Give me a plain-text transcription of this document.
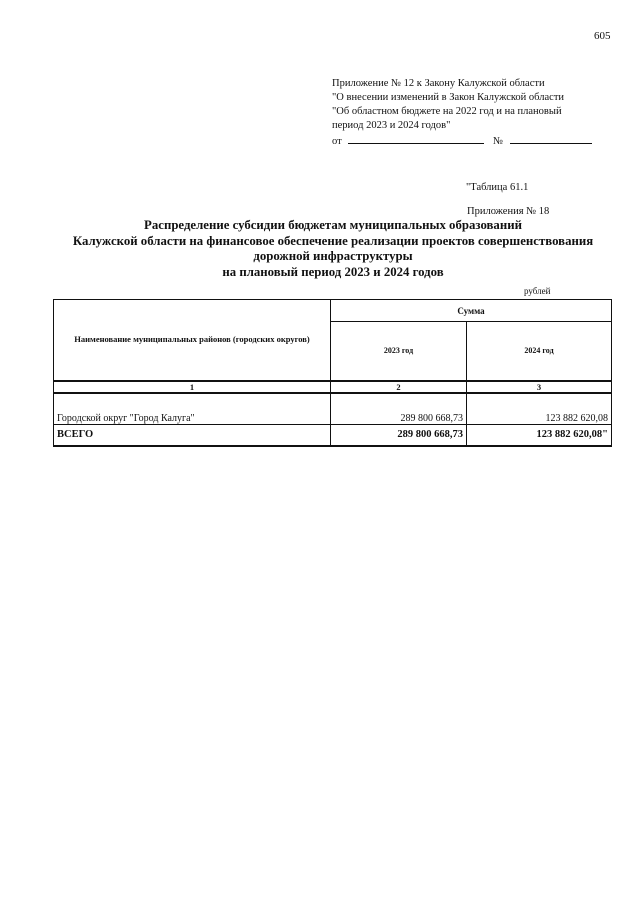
605
Приложение № 12 к Закону Калужской области
"О внесении изменений в Закон Калужской области
"Об областном бюджете на 2022 год и на плановый
период 2023 и 2024 годов"
от	№
"Таблица 61.1
Приложения № 18
Распределение субсидии бюджетам муниципальных образований
Калужской области на финансовое обеспечение реализации проектов совершенствования
дорожной инфраструктуры
на плановый период 2023 и 2024 годов
рублей
Наименование муниципальных районов (городских округов)	Сумма	
	2023 год	2024 год
1	2	3
Городской округ "Город Калуга"	289 800 668,73	123 882 620,08
ВСЕГО	289 800 668,73	123 882 620,08"
